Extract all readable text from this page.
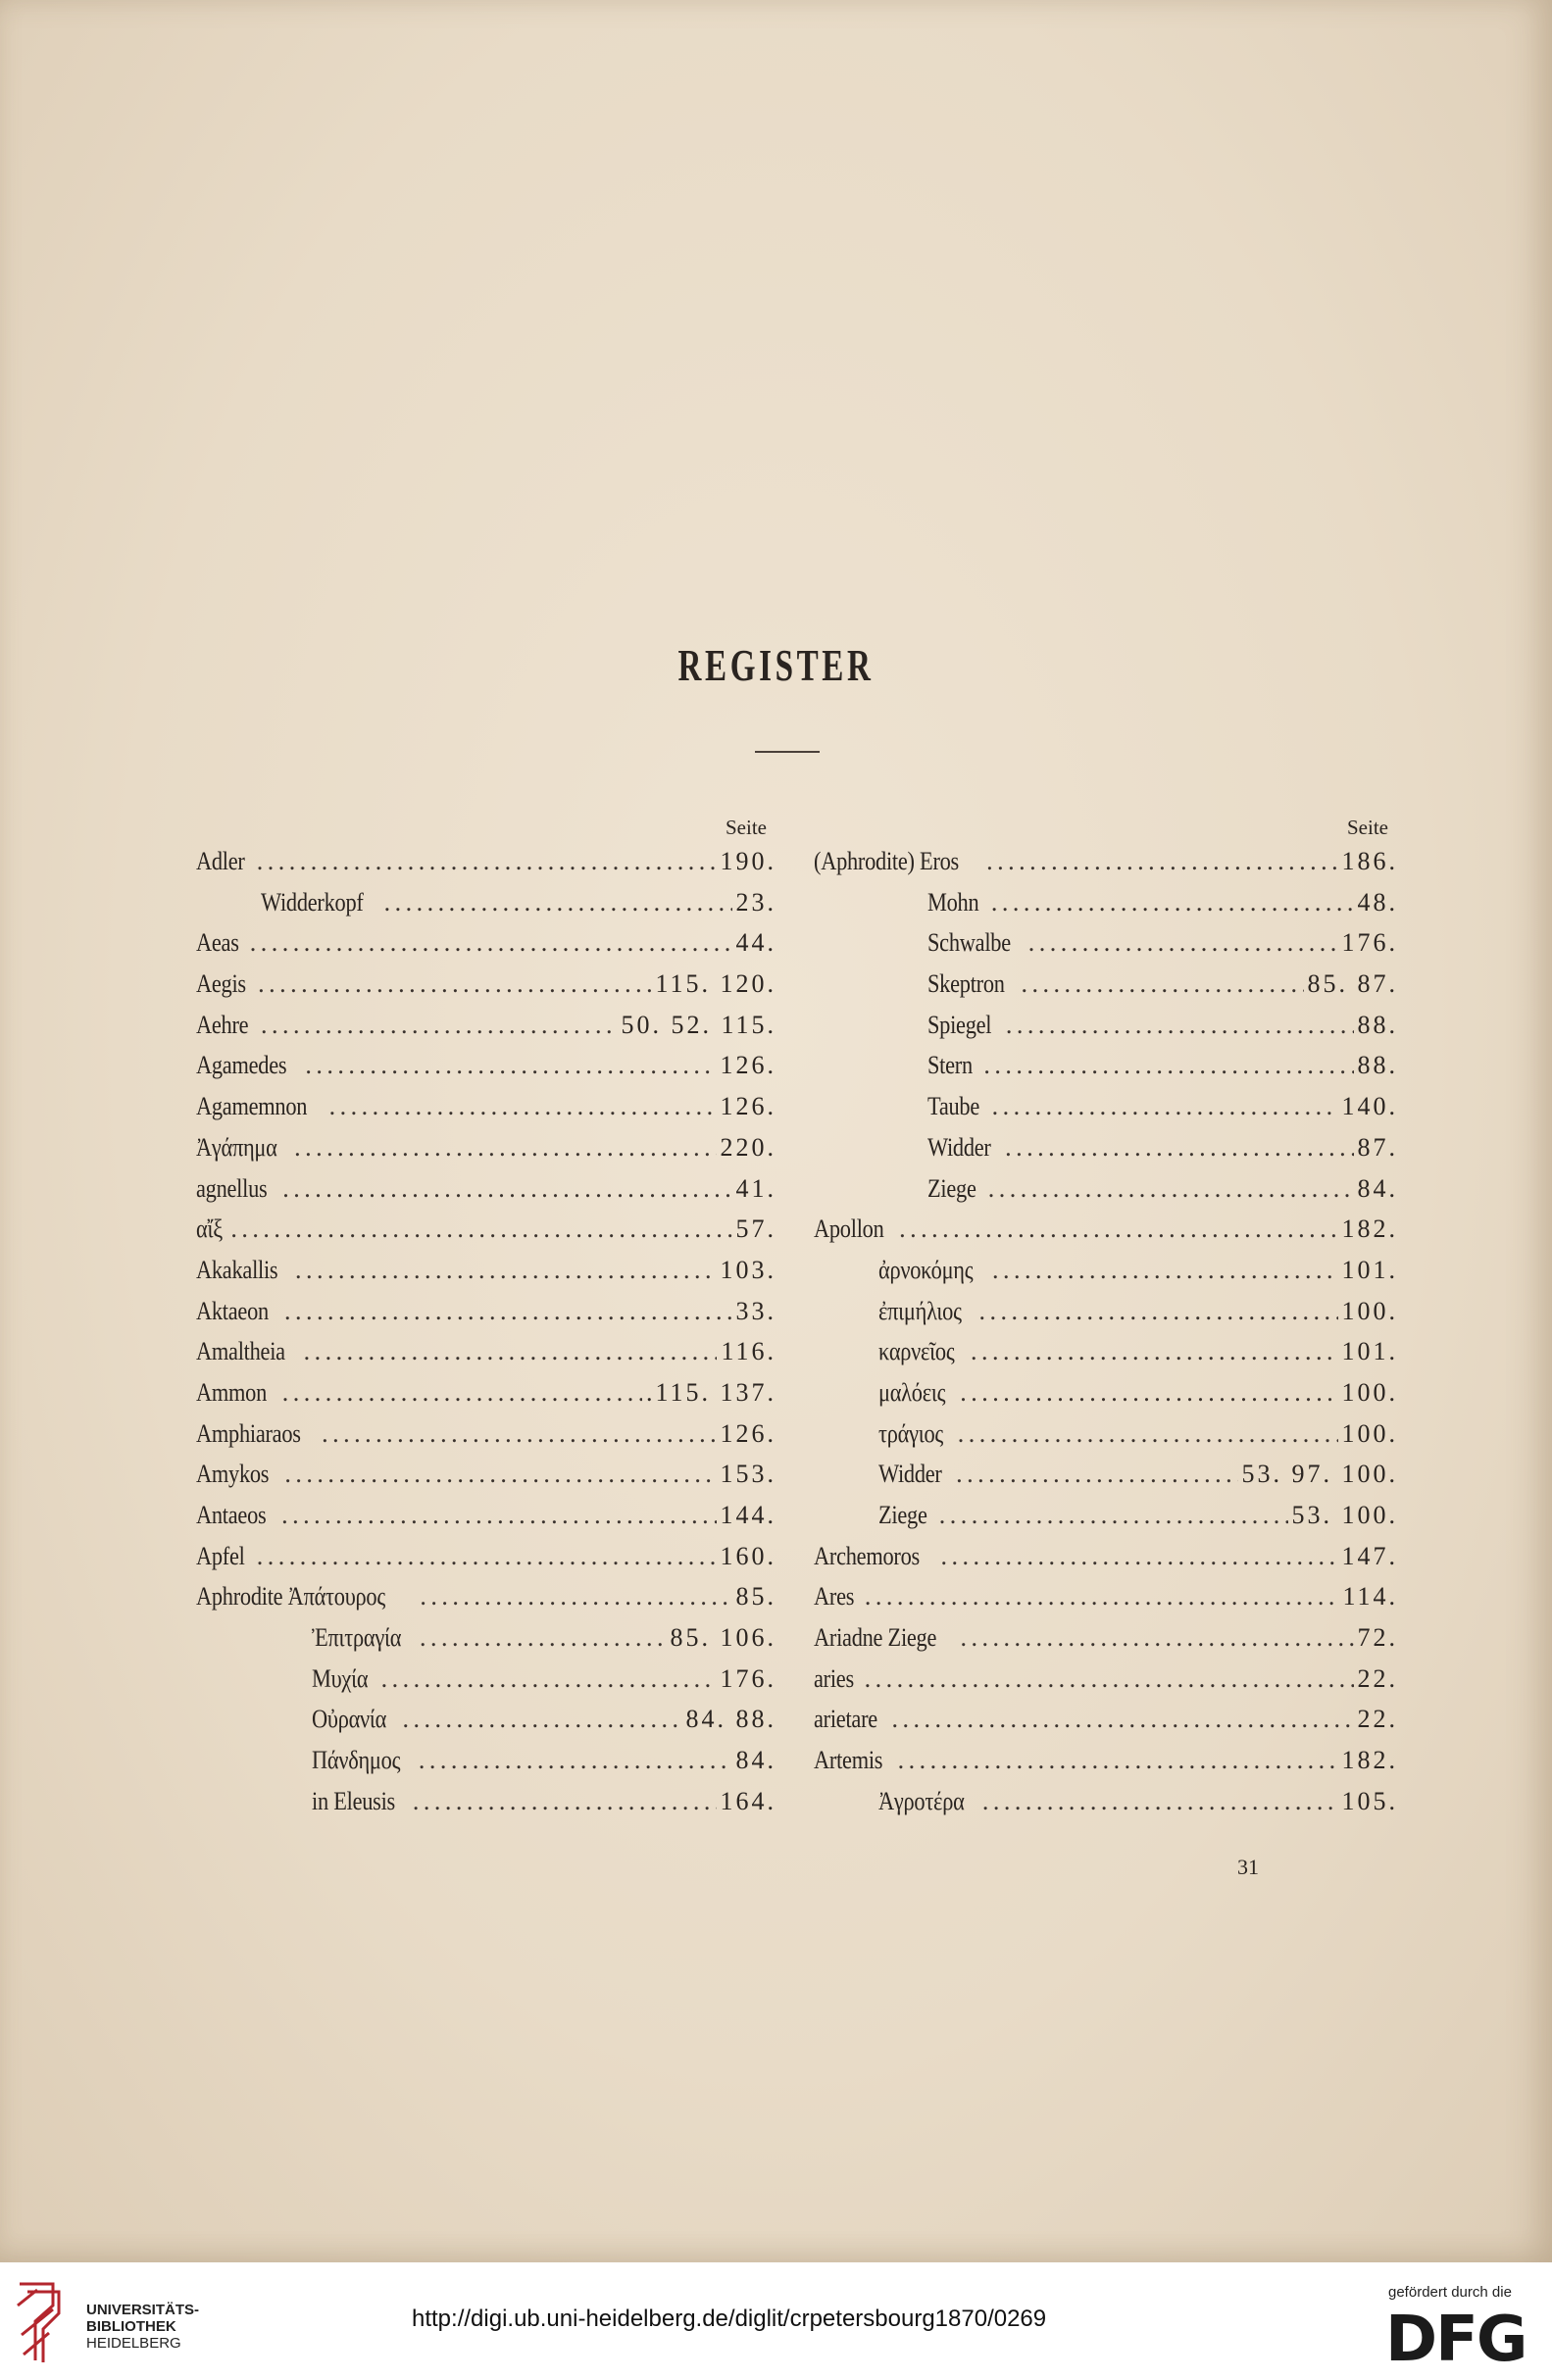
REGISTER
Seite
Adler .....	190.
Widderkopf .....	23.
Aeas .....	44.
Aegis .....	115. 120.
Aehre .....	50. 52. 115.
Agamedes .....	126.
Agamemnon .....	126.
Ἀγάπημα .....	220.
agnellus .....	41.
αἴξ .....	57.
Akakallis .....	103.
Aktaeon .....	33.
Amaltheia .....	116.
Ammon .....	.115. 137.
Amphiaraos .....	126.
Amykos .....	153.
Antaeos .....	144.
Apfel .....	160.
Aphrodite Ἀπάτουρος .....	85.
Ἐπιτραγία .....	85. 106.
Μυχία .....	176.
Οὐρανία .....	84. 88.
Πάνδημος .....	84.
in Eleusis .....	164.
Seite
(Aphrodite) Eros .....	186.
Mohn .....	48.
Schwalbe .....	176.
Skeptron .....	85. 87.
Spiegel .....	88.
Stern .....	88.
Taube .....	140.
Widder .....	87.
Ziege .....	84.
Apollon .....	182.
ἀρνοκόμης .....	101.
ἐπιμήλιος .....	100.
καρνεῖος .....	101.
μαλόεις .....	100.
τράγιος .....	100.
Widder .....	53. 97. 100.
Ziege .....	53. 100.
Archemoros .....	147.
Ares .....	114.
Ariadne Ziege .....	72.
aries .....	22.
arietare .....	22.
Artemis .....	182.
Ἀγροτέρα .....	105.
31
UNIVERSITÄTS-
BIBLIOTHEK
HEIDELBERG
http://digi.ub.uni-heidelberg.de/diglit/crpetersbourg1870/0269
gefördert durch die
DFG
